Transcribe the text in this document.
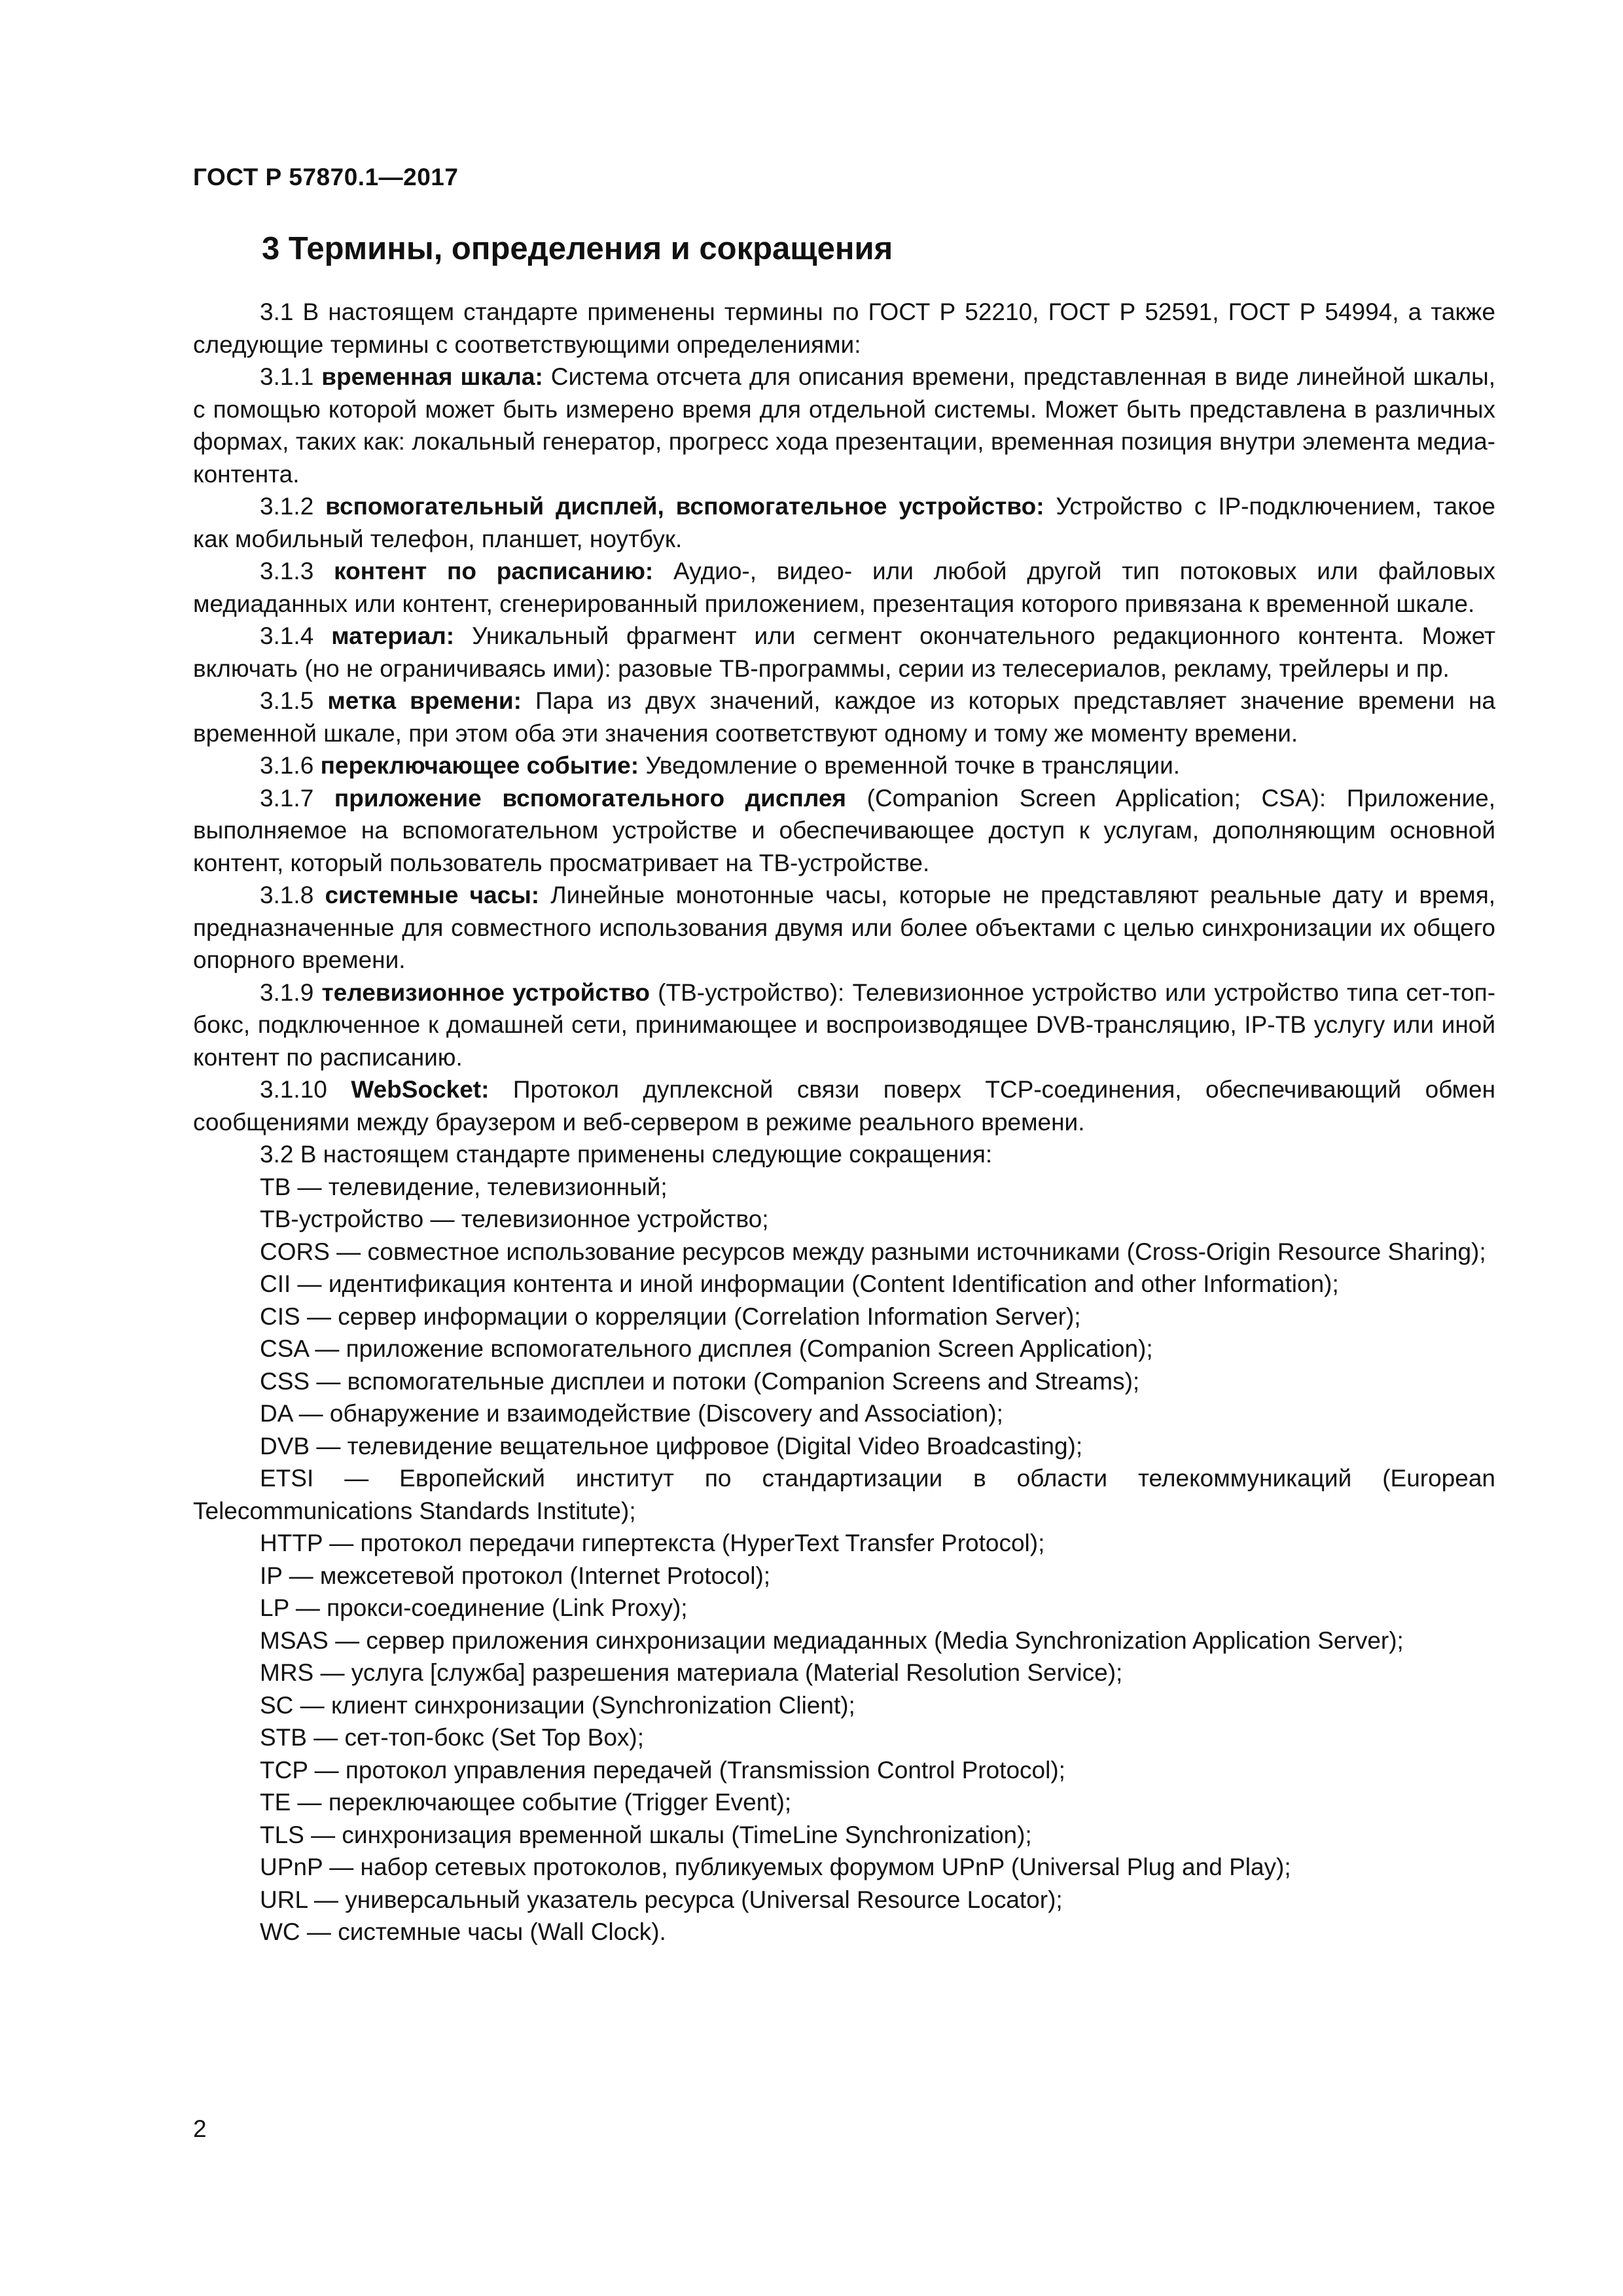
ГОСТ Р 57870.1—2017
3 Термины, определения и сокращения

3.1 В настоящем стандарте применены термины по ГОСТ Р 52210, ГОСТ Р 52591, ГОСТ Р 54994, а также следующие термины с соответствующими определениями:

3.1.1 временная шкала: Система отсчета для описания времени, представленная в виде линейной шкалы, с помощью которой может быть измерено время для отдельной системы. Может быть представлена в различных формах, таких как: локальный генератор, прогресс хода презентации, временная позиция внутри элемента медиа-контента.

3.1.2 вспомогательный дисплей, вспомогательное устройство: Устройство с IP-подключением, такое как мобильный телефон, планшет, ноутбук.

3.1.3 контент по расписанию: Аудио-, видео- или любой другой тип потоковых или файловых медиаданных или контент, сгенерированный приложением, презентация которого привязана к временной шкале.

3.1.4 материал: Уникальный фрагмент или сегмент окончательного редакционного контента. Может включать (но не ограничиваясь ими): разовые ТВ-программы, серии из телесериалов, рекламу, трейлеры и пр.

3.1.5 метка времени: Пара из двух значений, каждое из которых представляет значение времени на временной шкале, при этом оба эти значения соответствуют одному и тому же моменту времени.

3.1.6 переключающее событие: Уведомление о временной точке в трансляции.

3.1.7 приложение вспомогательного дисплея (Companion Screen Application; CSA): Приложение, выполняемое на вспомогательном устройстве и обеспечивающее доступ к услугам, дополняющим основной контент, который пользователь просматривает на ТВ-устройстве.

3.1.8 системные часы: Линейные монотонные часы, которые не представляют реальные дату и время, предназначенные для совместного использования двумя или более объектами с целью синхронизации их общего опорного времени.

3.1.9 телевизионное устройство (ТВ-устройство): Телевизионное устройство или устройство типа сет-топ-бокс, подключенное к домашней сети, принимающее и воспроизводящее DVB-трансляцию, IP-ТВ услугу или иной контент по расписанию.

3.1.10 WebSocket: Протокол дуплексной связи поверх TCP-соединения, обеспечивающий обмен сообщениями между браузером и веб-сервером в режиме реального времени.

3.2 В настоящем стандарте применены следующие сокращения:

ТВ — телевидение, телевизионный;

ТВ-устройство — телевизионное устройство;

CORS — совместное использование ресурсов между разными источниками (Cross-Origin Resource Sharing);

CII — идентификация контента и иной информации (Content Identification and other Information);

CIS — сервер информации о корреляции (Correlation Information Server);

CSA — приложение вспомогательного дисплея (Companion Screen Application);

CSS — вспомогательные дисплеи и потоки (Companion Screens and Streams);

DA — обнаружение и взаимодействие (Discovery and Association);

DVB — телевидение вещательное цифровое (Digital Video Broadcasting);

ETSI — Европейский институт по стандартизации в области телекоммуникаций (European Telecommunications Standards Institute);

HTTP — протокол передачи гипертекста (HyperText Transfer Protocol);

IP — межсетевой протокол (Internet Protocol);

LP — прокси-соединение (Link Proxy);

MSAS — сервер приложения синхронизации медиаданных (Media Synchronization Application Server);

MRS — услуга [служба] разрешения материала (Material Resolution Service);

SC — клиент синхронизации (Synchronization Client);

STB — сет-топ-бокс (Set Top Box);

TCP — протокол управления передачей (Transmission Control Protocol);

TE — переключающее событие (Trigger Event);

TLS — синхронизация временной шкалы (TimeLine Synchronization);

UPnP — набор сетевых протоколов, публикуемых форумом UPnP (Universal Plug and Play);

URL — универсальный указатель ресурса (Universal Resource Locator);

WC — системные часы (Wall Clock).

2
